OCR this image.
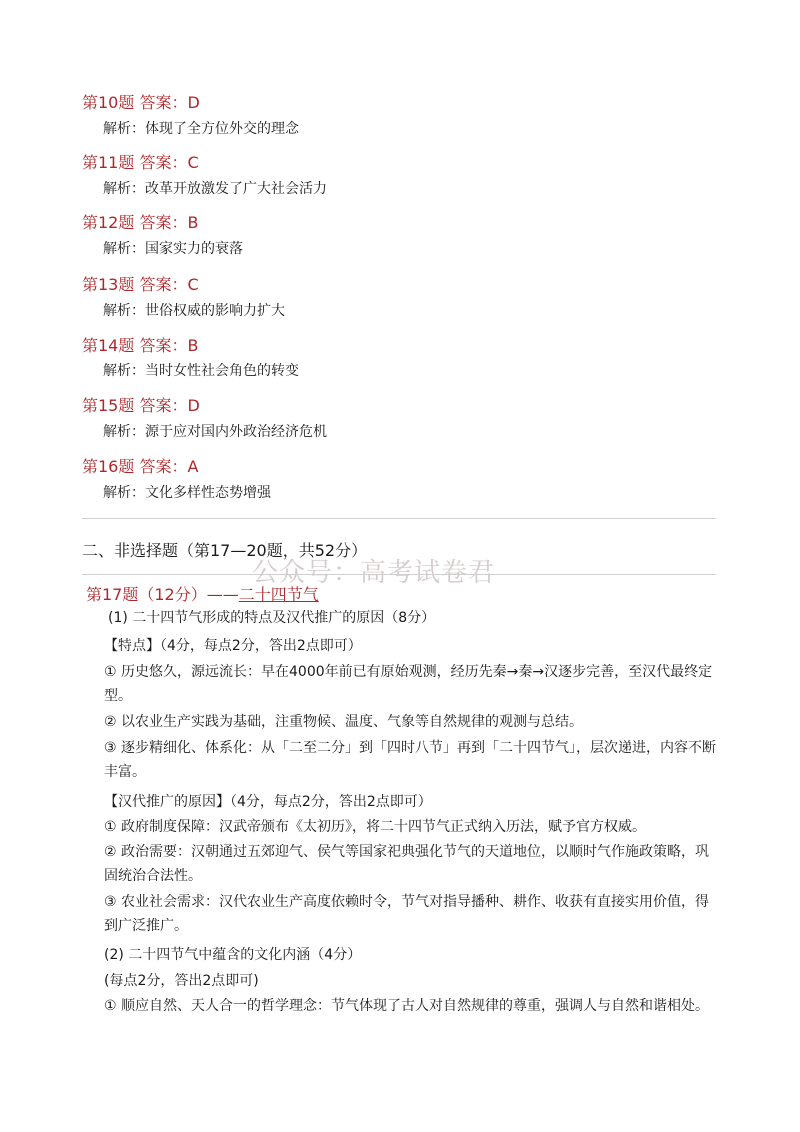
第10题 答案：D
解析：体现了全方位外交的理念
第11题 答案：C
解析：改革开放激发了广大社会活力
第12题 答案：B
解析：国家实力的衰落
第13题 答案：C
解析：世俗权威的影响力扩大
第14题 答案：B
解析：当时女性社会角色的转变
第15题 答案：D
解析：源于应对国内外政治经济危机
第16题 答案：A
解析：文化多样性态势增强
二、非选择题（第17—20题，共52分）
公众号：高考试卷君
第17题（12分）——二十四节气
(1) 二十四节气形成的特点及汉代推广的原因（8分）
【特点】（4分，每点2分，答出2点即可）
① 历史悠久，源远流长：早在4000年前已有原始观测，经历先秦→秦→汉逐步完善，至汉代最终定型。
② 以农业生产实践为基础，注重物候、温度、气象等自然规律的观测与总结。
③ 逐步精细化、体系化：从「二至二分」到「四时八节」再到「二十四节气」，层次递进，内容不断丰富。
【汉代推广的原因】（4分，每点2分，答出2点即可）
① 政府制度保障：汉武帝颁布《太初历》，将二十四节气正式纳入历法，赋予官方权威。
② 政治需要：汉朝通过五郊迎气、侯气等国家祀典强化节气的天道地位，以顺时气作施政策略，巩固统治合法性。
③ 农业社会需求：汉代农业生产高度依赖时令，节气对指导播种、耕作、收获有直接实用价值，得到广泛推广。
(2) 二十四节气中蕴含的文化内涵（4分）
(每点2分，答出2点即可)
① 顺应自然、天人合一的哲学理念：节气体现了古人对自然规律的尊重，强调人与自然和谐相处。
